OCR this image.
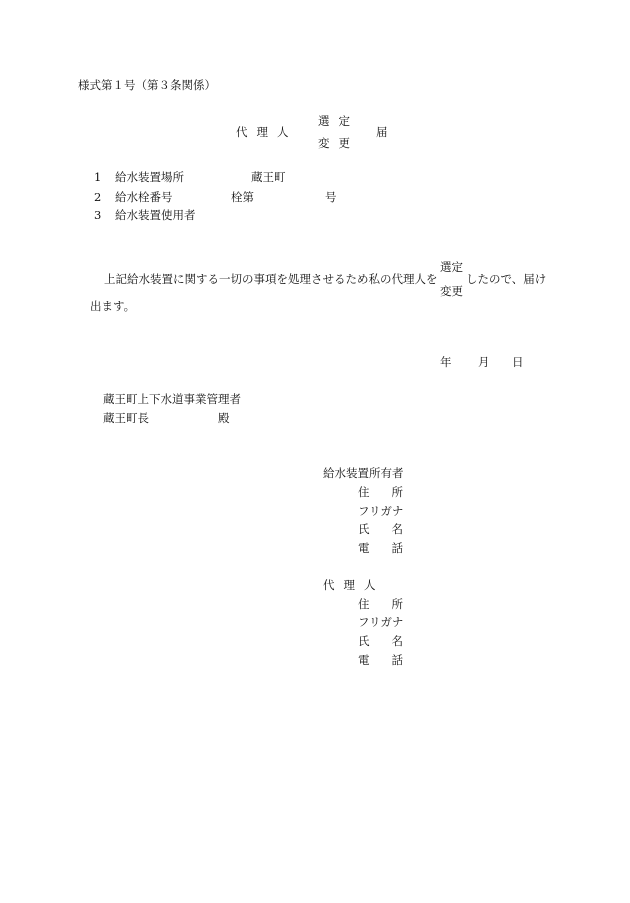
様式第１号（第３条関係）
代理人
選定
変更
届
1 給水装置場所	蔵王町
2 給水栓番号	栓第	号
3 給水装置使用者
上記給水装置に関する一切の事項を処理させるため私の代理人を
選定
変更
したので、届け
出ます。
年 月 日
蔵王町上下水道事業管理者
蔵王町長	殿
給水装置所有者
住所
フリガナ
氏名
電話
代理人
住所
フリガナ
氏名
電話
